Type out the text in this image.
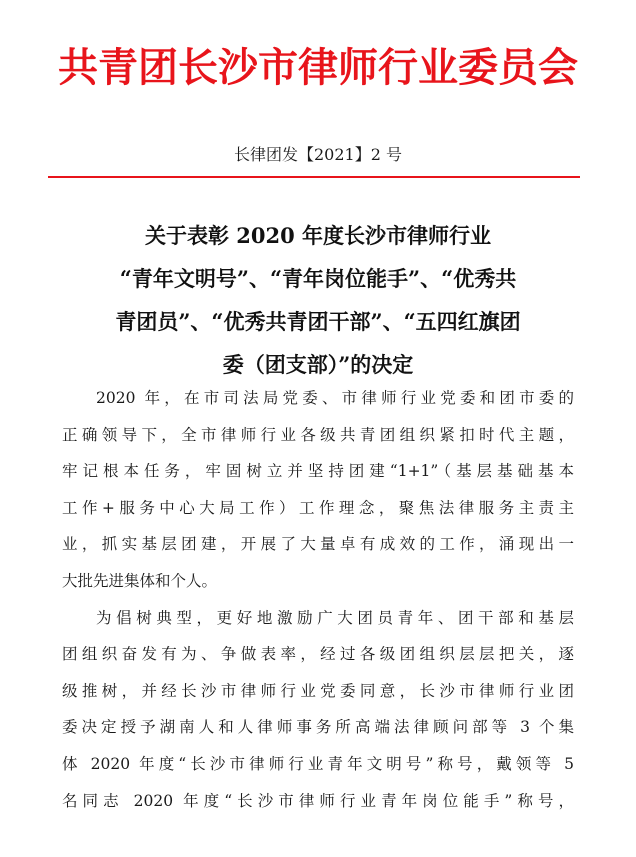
共青团长沙市律师行业委员会
长律团发【2021】2 号
关于表彰 2020 年度长沙市律师行业
“青年文明号”、“青年岗位能手”、“优秀共
青团员”、“优秀共青团干部”、“五四红旗团
委（团支部）”的决定
2020 年，在市司法局党委、市律师行业党委和团市委的
正确领导下，全市律师行业各级共青团组织紧扣时代主题，
牢记根本任务，牢固树立并坚持团建“1+1”（基层基础基本
工作+服务中心大局工作）工作理念，聚焦法律服务主责主
业，抓实基层团建，开展了大量卓有成效的工作，涌现出一
大批先进集体和个人。
为倡树典型，更好地激励广大团员青年、团干部和基层
团组织奋发有为、争做表率，经过各级团组织层层把关，逐
级推树，并经长沙市律师行业党委同意，长沙市律师行业团
委决定授予湖南人和人律师事务所高端法律顾问部等 3 个集
体 2020 年度“长沙市律师行业青年文明号”称号，戴领等 5
名同志 2020 年度“长沙市律师行业青年岗位能手”称号，
